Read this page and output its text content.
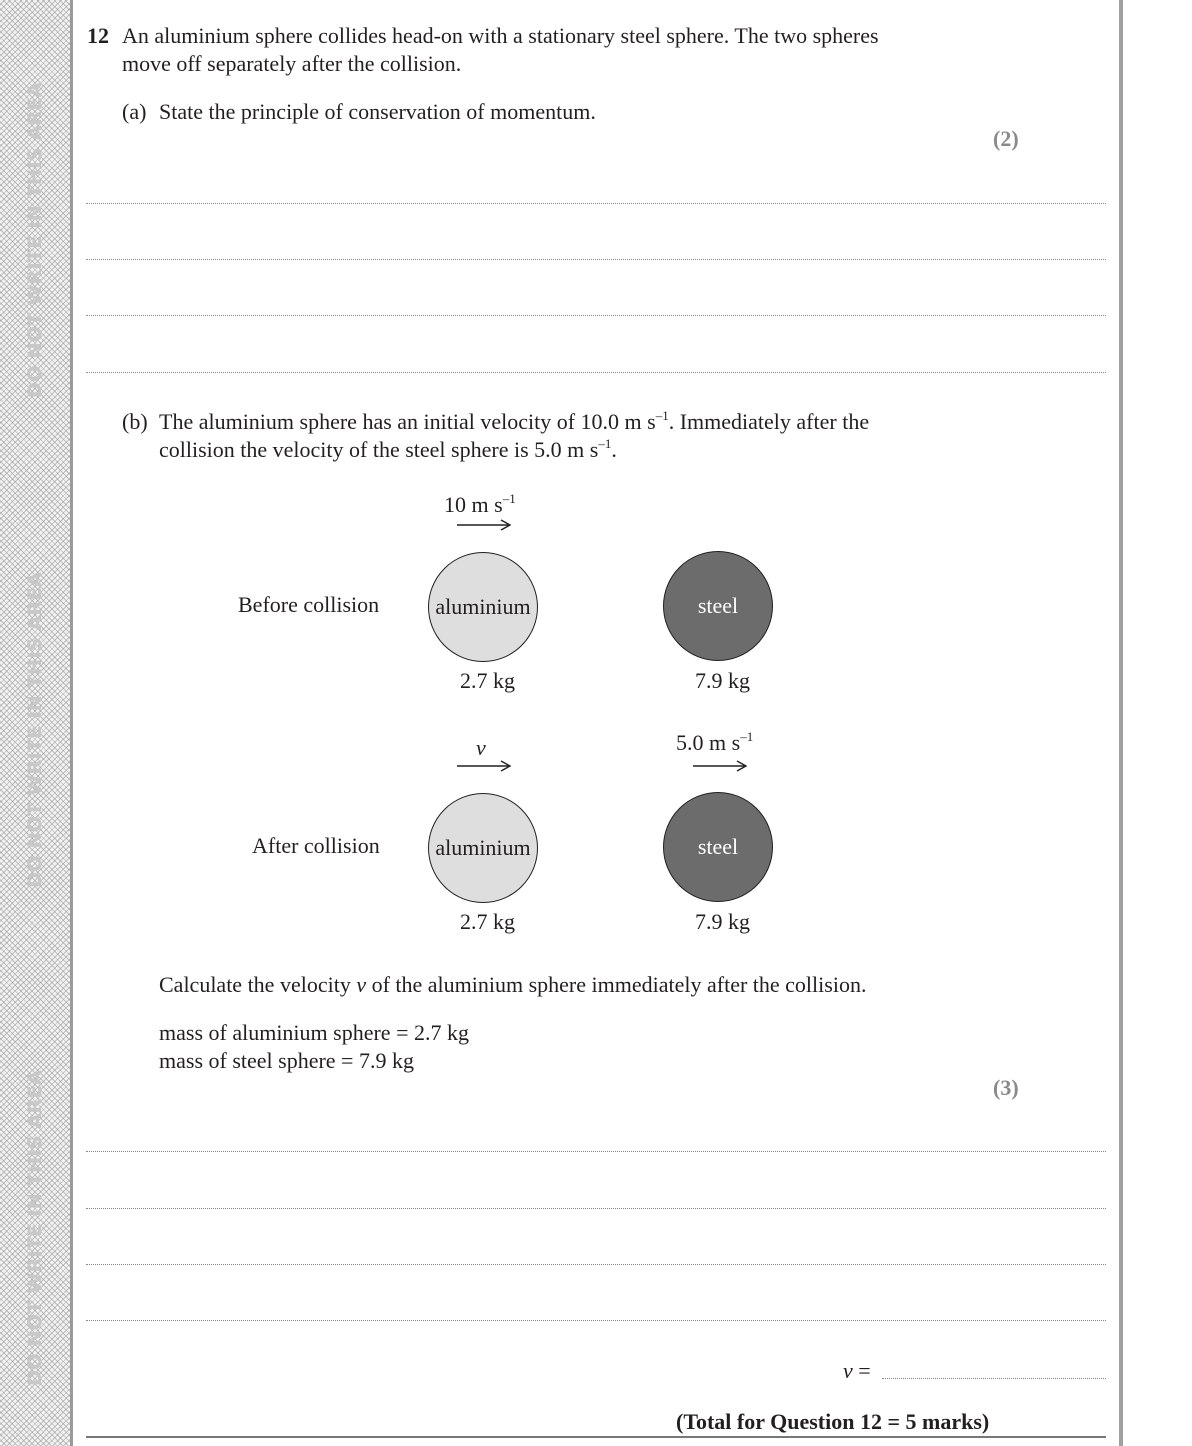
DO NOT WRITE IN THIS AREA
DO NOT WRITE IN THIS AREA
DO NOT WRITE IN THIS AREA
12 An aluminium sphere collides head-on with a stationary steel sphere. The two spheres
move off separately after the collision.
(a) State the principle of conservation of momentum.
(2)
(b) The aluminium sphere has an initial velocity of 10.0 m $s^{-1}$. Immediately after the
collision the velocity of the steel sphere is 5.0 m $s^{-1}$.
10 m $s^{-1}$
Before collision	aluminium	steel
2.7 kg	7.9 kg
v	5.0 m $s^{-1}$
After collision	aluminium	steel
2.7 kg	7.9 kg
Calculate the velocity v of the aluminium sphere immediately after the collision.
mass of aluminium sphere = 2.7 kg
mass of steel sphere = 7.9 kg
(3)
v =
(Total for Question 12 = 5 marks)
